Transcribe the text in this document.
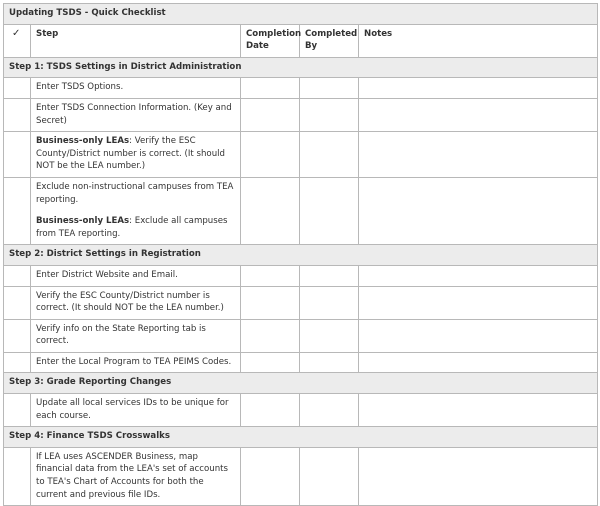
Updating TSDS - Quick Checklist				

✓	Step	Completion Date	Completed By	Notes

Step 1: TSDS Settings in District Administration				

	Enter TSDS Options.			

	Enter TSDS Connection Information. (Key and Secret)			

	Business-only LEAs: Verify the ESC County/District number is correct. (It should NOT be the LEA number.)			

	Exclude non-instructional campuses from TEA reporting.
Business-only LEAs: Exclude all campuses from TEA reporting.			

Step 2: District Settings in Registration				

	Enter District Website and Email.			

	Verify the ESC County/District number is correct. (It should NOT be the LEA number.)			

	Verify info on the State Reporting tab is correct.			

	Enter the Local Program to TEA PEIMS Codes.			

Step 3: Grade Reporting Changes				

	Update all local services IDs to be unique for each course.			

Step 4: Finance TSDS Crosswalks				

	If LEA uses ASCENDER Business, map financial data from the LEA's set of accounts to TEA's Chart of Accounts for both the current and previous file IDs.			
